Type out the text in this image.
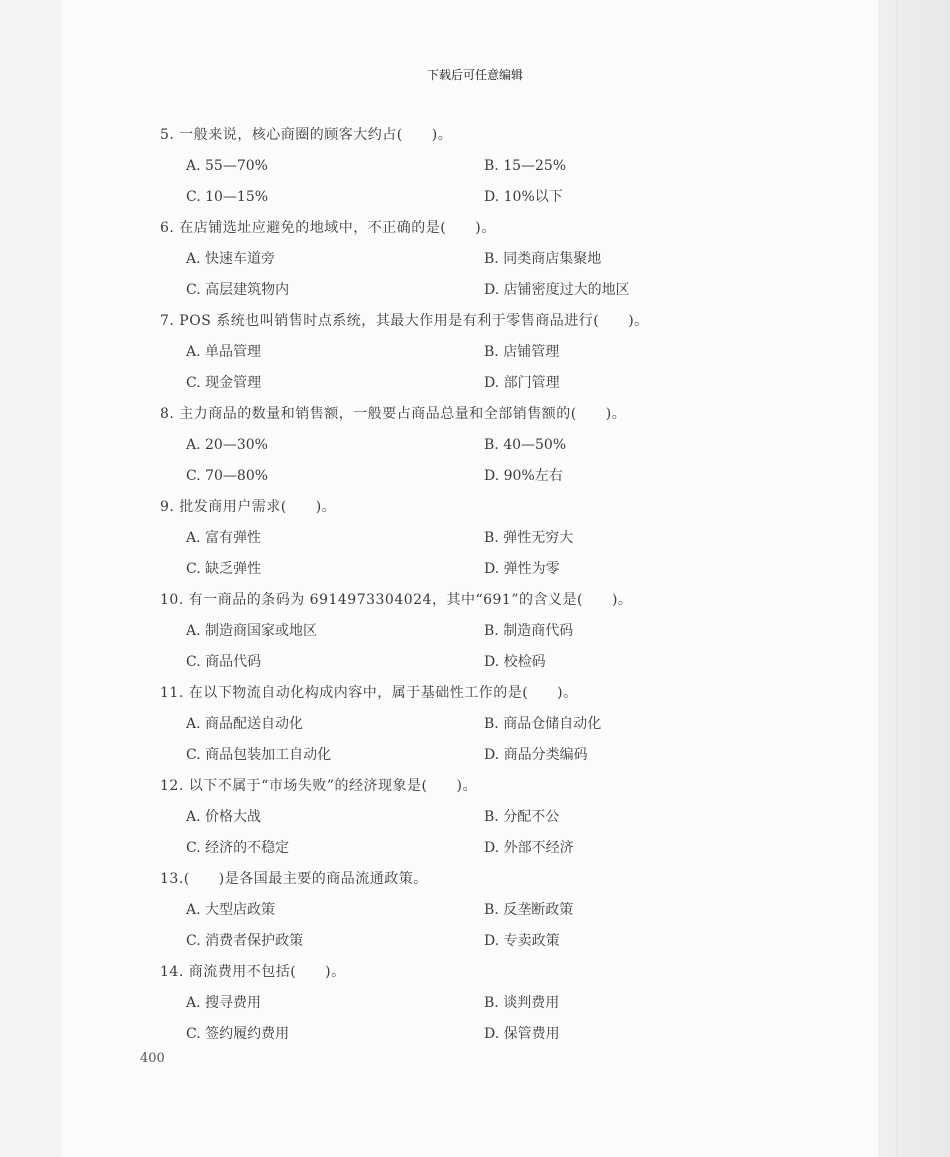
下载后可任意编辑
5. 一般来说，核心商圈的顾客大约占(　　)。
A. 55—70%	B. 15—25%
C. 10—15%	D. 10%以下
6. 在店铺选址应避免的地域中，不正确的是(　　)。
A. 快速车道旁	B. 同类商店集聚地
C. 高层建筑物内	D. 店铺密度过大的地区
7. POS 系统也叫销售时点系统，其最大作用是有利于零售商品进行(　　)。
A. 单品管理	B. 店铺管理
C. 现金管理	D. 部门管理
8. 主力商品的数量和销售额，一般要占商品总量和全部销售额的(　　)。
A. 20—30%	B. 40—50%
C. 70—80%	D. 90%左右
9. 批发商用户需求(　　)。
A. 富有弹性	B. 弹性无穷大
C. 缺乏弹性	D. 弹性为零
10. 有一商品的条码为 6914973304024，其中“691”的含义是(　　)。
A. 制造商国家或地区	B. 制造商代码
C. 商品代码	D. 校检码
11. 在以下物流自动化构成内容中，属于基础性工作的是(　　)。
A. 商品配送自动化	B. 商品仓储自动化
C. 商品包装加工自动化	D. 商品分类编码
12. 以下不属于“市场失败”的经济现象是(　　)。
A. 价格大战	B. 分配不公
C. 经济的不稳定	D. 外部不经济
13.(　　)是各国最主要的商品流通政策。
A. 大型店政策	B. 反垄断政策
C. 消费者保护政策	D. 专卖政策
14. 商流费用不包括(　　)。
A. 搜寻费用	B. 谈判费用
C. 签约履约费用	D. 保管费用
400
